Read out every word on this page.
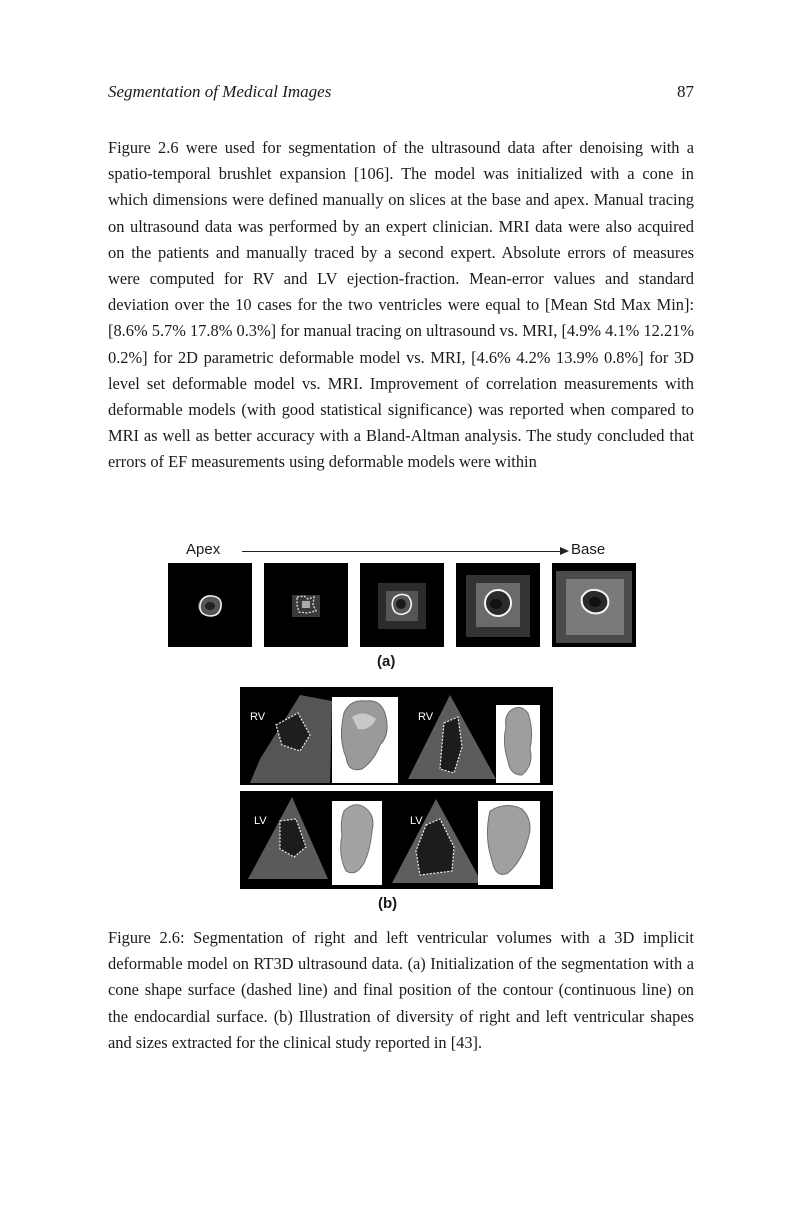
Segmentation of Medical Images	87

Figure 2.6 were used for segmentation of the ultrasound data after denoising with a spatio-temporal brushlet expansion [106]. The model was initialized with a cone in which dimensions were defined manually on slices at the base and apex. Manual tracing on ultrasound data was performed by an expert clinician. MRI data were also acquired on the patients and manually traced by a second expert. Absolute errors of measures were computed for RV and LV ejection-fraction. Mean-error values and standard deviation over the 10 cases for the two ventricles were equal to [Mean Std Max Min]: [8.6% 5.7% 17.8% 0.3%] for manual tracing on ultrasound vs. MRI, [4.9% 4.1% 12.21% 0.2%] for 2D parametric deformable model vs. MRI, [4.6% 4.2% 13.9% 0.8%] for 3D level set deformable model vs. MRI. Improvement of correlation measurements with deformable models (with good statistical significance) was reported when compared to MRI as well as better accuracy with a Bland-Altman analysis. The study concluded that errors of EF measurements using deformable models were within

Apex	Base
(a)
RV	RV
LV	LV
(b)

Figure 2.6: Segmentation of right and left ventricular volumes with a 3D implicit deformable model on RT3D ultrasound data. (a) Initialization of the segmentation with a cone shape surface (dashed line) and final position of the contour (continuous line) on the endocardial surface. (b) Illustration of diversity of right and left ventricular shapes and sizes extracted for the clinical study reported in [43].
